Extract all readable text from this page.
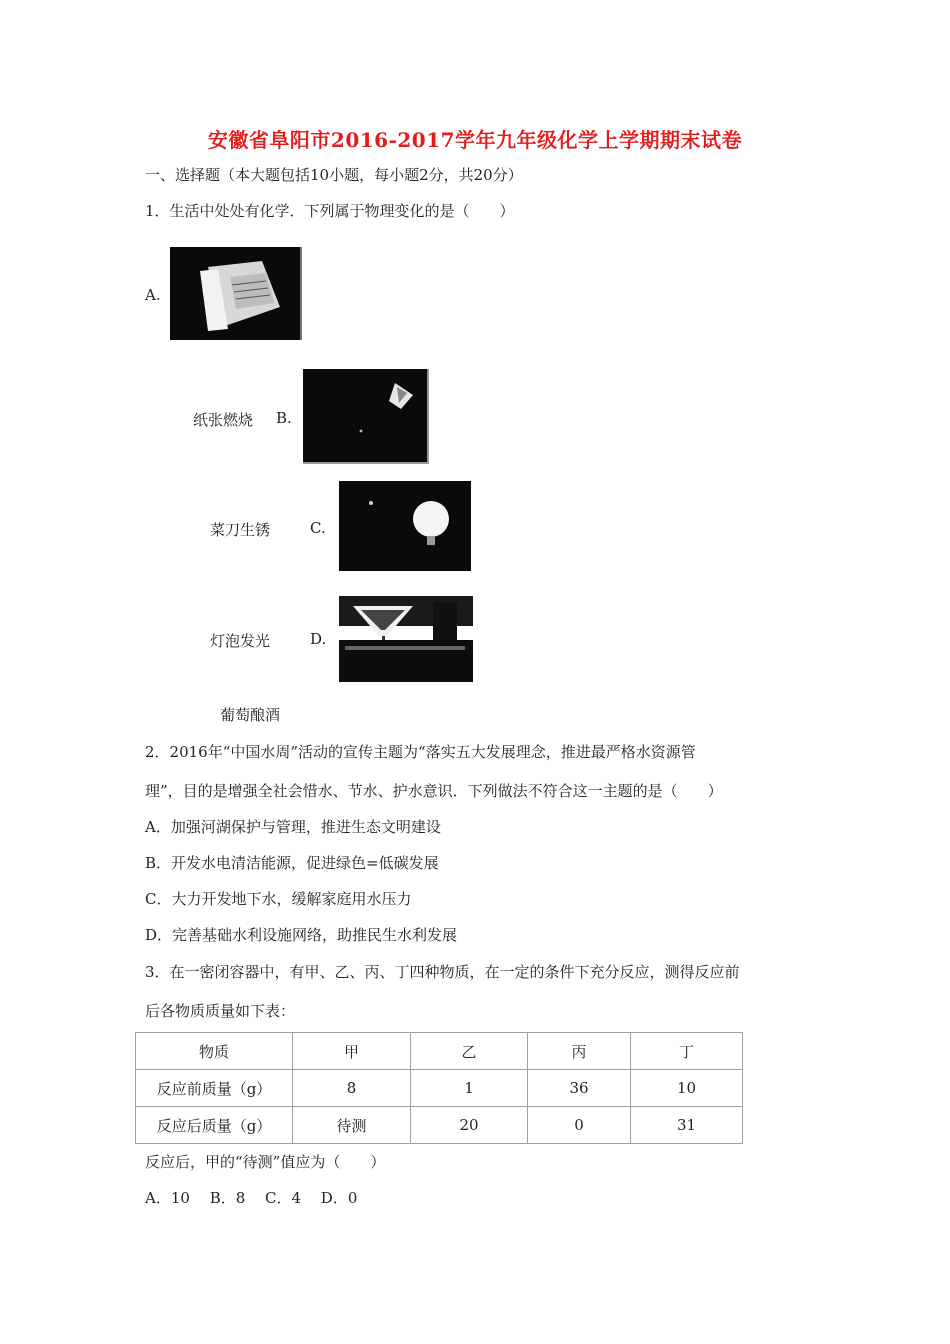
安徽省阜阳市2016-2017学年九年级化学上学期期末试卷
一、选择题（本大题包括10小题，每小题2分，共20分）
1．生活中处处有化学．下列属于物理变化的是（　　）
A.
纸张燃烧 B.
菜刀生锈	C.
灯泡发光	D.
葡萄酿酒
2．2016年“中国水周”活动的宣传主题为“落实五大发展理念，推进最严格水资源管
理”，目的是增强全社会惜水、节水、护水意识．下列做法不符合这一主题的是（　　）
A．加强河湖保护与管理，推进生态文明建设
B．开发水电清洁能源，促进绿色=低碳发展
C．大力开发地下水，缓解家庭用水压力
D．完善基础水利设施网络，助推民生水利发展
3．在一密闭容器中，有甲、乙、丙、丁四种物质，在一定的条件下充分反应，测得反应前
后各物质质量如下表：
物质	甲	乙	丙	丁
反应前质量（g）	8	1	36	10
反应后质量（g）	待测	20	0	31
反应后，甲的“待测”值应为（　　）
A．10　 B．8　 C．4　 D．0
